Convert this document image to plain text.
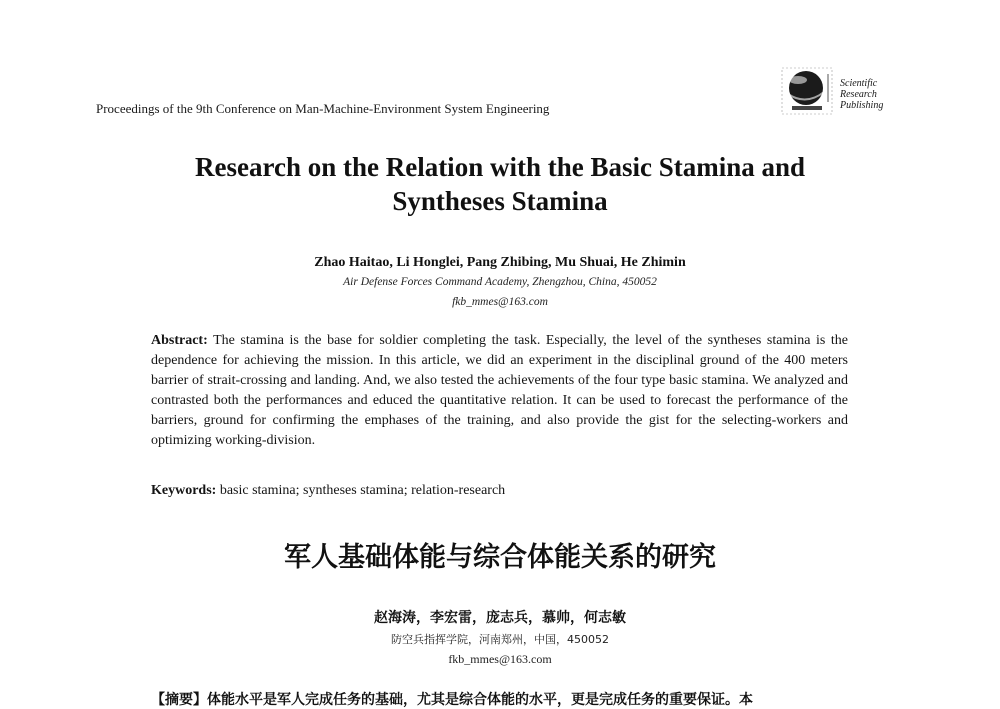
Proceedings of the 9th Conference on Man-Machine-Environment System Engineering
Scientific
Research
Publishing
Research on the Relation with the Basic Stamina and
Syntheses Stamina
Zhao Haitao, Li Honglei, Pang Zhibing, Mu Shuai, He Zhimin
Air Defense Forces Command Academy, Zhengzhou, China, 450052
fkb_mmes@163.com
Abstract: The stamina is the base for soldier completing the task. Especially, the level of the syntheses stamina is the dependence for achieving the mission. In this article, we did an experiment in the disciplinal ground of the 400 meters barrier of strait-crossing and landing. And, we also tested the achievements of the four type basic stamina. We analyzed and contrasted both the performances and educed the quantitative relation. It can be used to forecast the performance of the barriers, ground for confirming the emphases of the training, and also provide the gist for the selecting-workers and optimizing working-division.
Keywords: basic stamina; syntheses stamina; relation-research
军人基础体能与综合体能关系的研究
赵海涛，李宏雷，庞志兵，慕帅，何志敏
防空兵指挥学院，河南郑州，中国，450052
fkb_mmes@163.com
【摘要】体能水平是军人完成任务的基础，尤其是综合体能的水平，更是完成任务的重要保证。本
